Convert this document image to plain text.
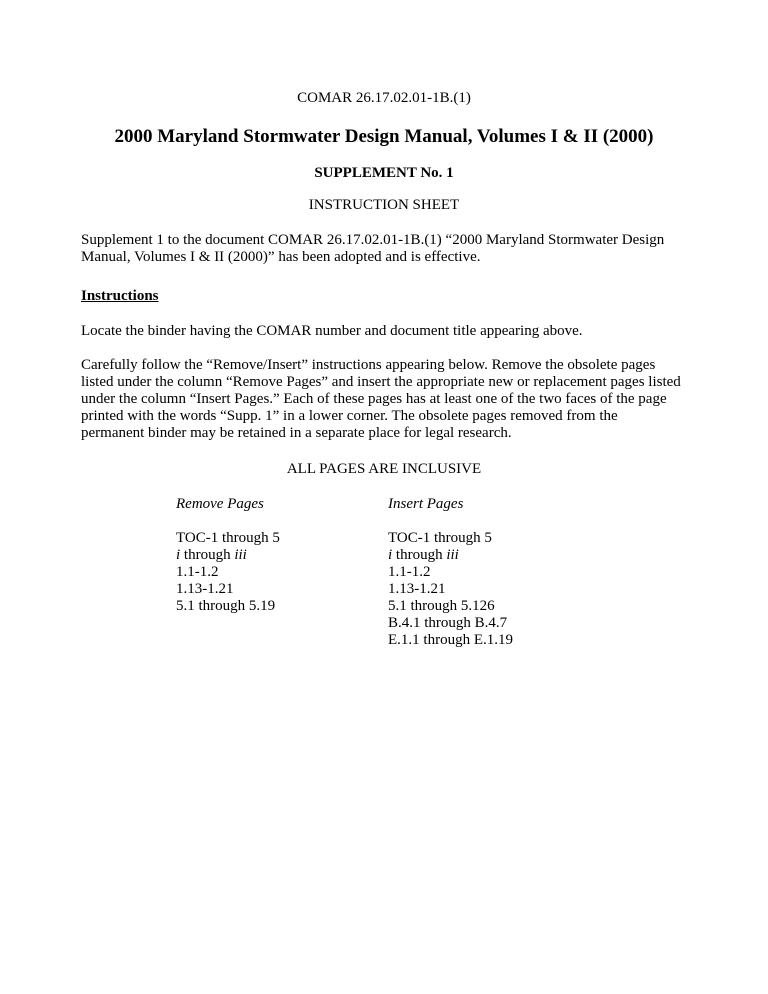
COMAR 26.17.02.01-1B.(1)
2000 Maryland Stormwater Design Manual, Volumes I & II (2000)
SUPPLEMENT No. 1
INSTRUCTION SHEET
Supplement 1 to the document COMAR 26.17.02.01-1B.(1) “2000 Maryland Stormwater Design Manual, Volumes I & II (2000)” has been adopted and is effective.
Instructions
Locate the binder having the COMAR number and document title appearing above.
Carefully follow the “Remove/Insert” instructions appearing below. Remove the obsolete pages listed under the column “Remove Pages” and insert the appropriate new or replacement pages listed under the column “Insert Pages.” Each of these pages has at least one of the two faces of the page printed with the words “Supp. 1” in a lower corner. The obsolete pages removed from the permanent binder may be retained in a separate place for legal research.
ALL PAGES ARE INCLUSIVE
Remove Pages
TOC-1 through 5
i through iii
1.1-1.2
1.13-1.21
5.1 through 5.19
Insert Pages
TOC-1 through 5
i through iii
1.1-1.2
1.13-1.21
5.1 through 5.126
B.4.1 through B.4.7
E.1.1 through E.1.19
